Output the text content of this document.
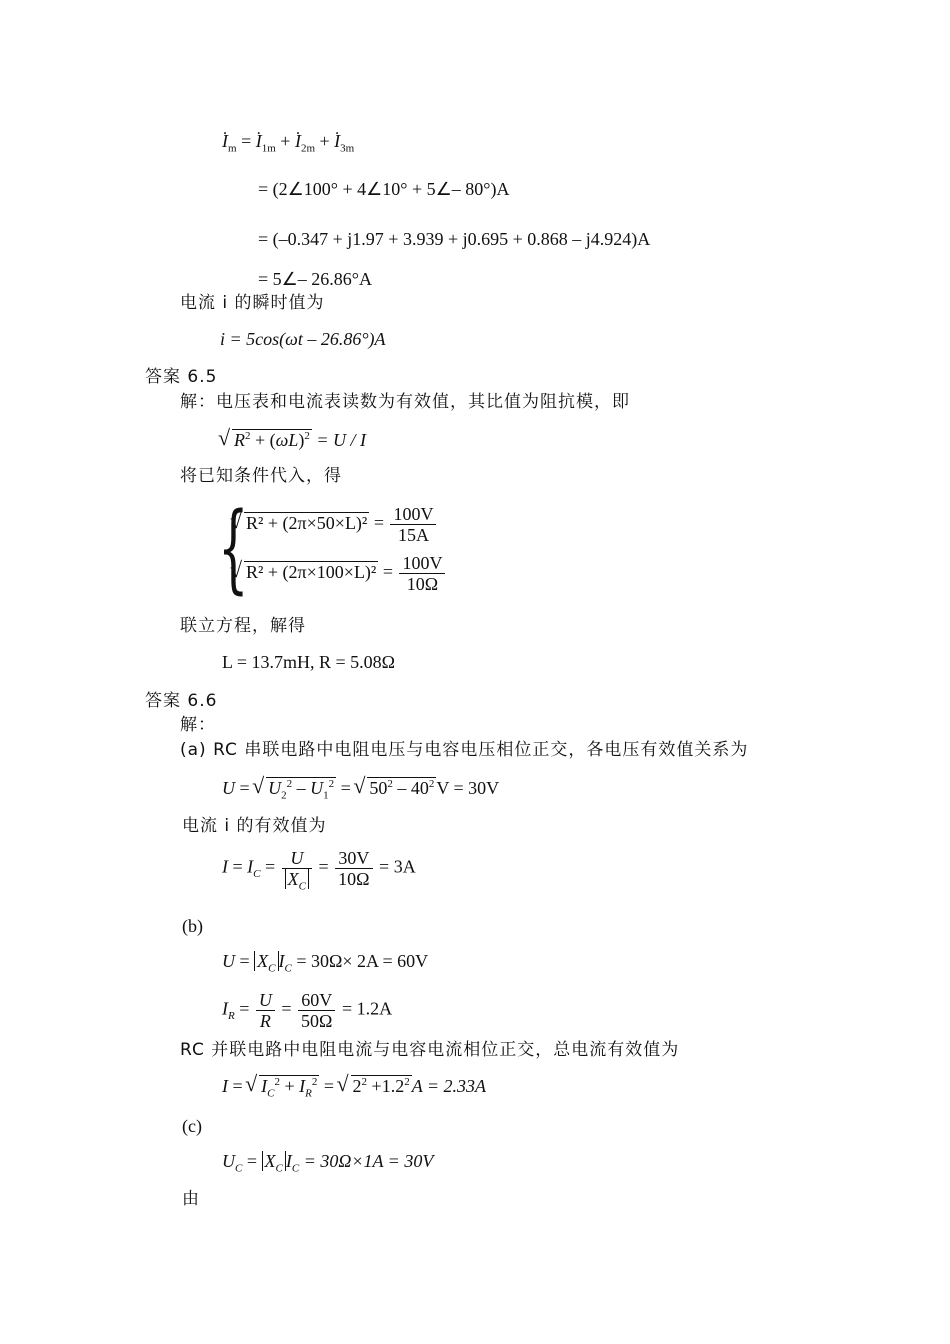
I $._m = I$ $._{1m} + I$ $._{2m} + I$ $._{3m}$
= (2∠100° + 4∠10° + 5∠– 80°)A
= (–0.347 + j1.97 + 3.939 + j0.695 + 0.868 – j4.924)A
= 5∠– 26.86°A
电流 i 的瞬时值为
i = 5cos(ωt – 26.86°)A
答案 6.5
解：电压表和电流表读数为有效值，其比值为阻抗模，即
√ $R^2 + (\omega L)^2 = U / I$
将已知条件代入，得
{
√ $R^2 + (2\pi\times 50\times L)^2 = \frac{100V}{15A}$
√ $R^2 + (2\pi\times 100\times L)^2 = \frac{100V}{10\Omega}$
联立方程，解得
L = 13.7mH, R = 5.08Ω
答案 6.6
解：
(a) RC 串联电路中电阻电压与电容电压相位正交，各电压有效值关系为
U = √ $U_2^2 - U_1^2$ = √ $50^2 - 40^2$ V = 30V
电流 i 的有效值为
$I = I_C = \frac{U}{X_C} = \frac{30V}{10\Omega} = 3A$
(b)
$U = X_C$ $I_C = 30\Omega\times 2A = 60V$
$I_R = \frac{U}{R} = \frac{60V}{50\Omega} = 1.2A$
RC 并联电路中电阻电流与电容电流相位正交，总电流有效值为
I = √ $I_C^2 + I_R^2$ = √ $2^2 +1.2^2$ A = 2.33A
(c)
$U_C = X_C$ $I_C = 30\Omega\times 1A = 30V$
由
